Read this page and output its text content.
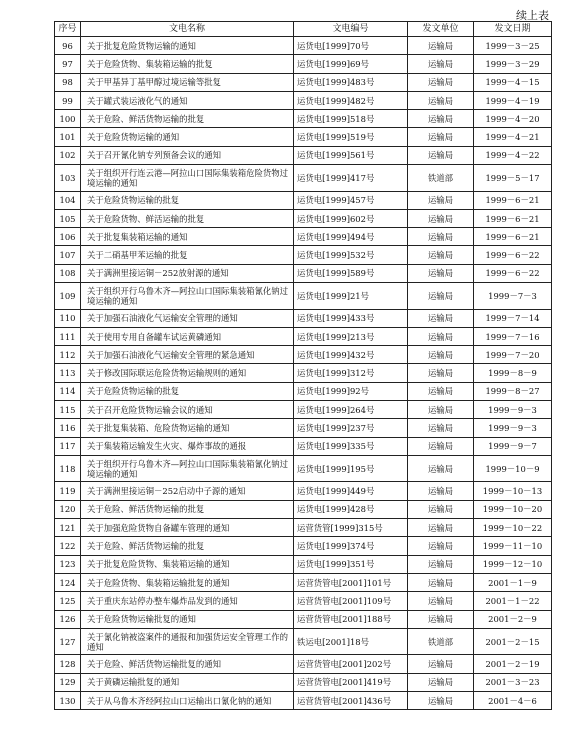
续上表
序号	文电名称	文电编号	发文单位	发文日期
96	关于批复危险货物运输的通知	运货电[1999]70号	运输局	1999－3－25
97	关于危险货物、集装箱运输的批复	运货电[1999]69号	运输局	1999－3－29
98	关于甲基异丁基甲醇过境运输等批复	运货电[1999]483号	运输局	1999－4－15
99	关于罐式装运液化气的通知	运货电[1999]482号	运输局	1999－4－19
100	关于危险、鲜活货物运输的批复	运货电[1999]518号	运输局	1999－4－20
101	关于危险货物运输的通知	运货电[1999]519号	运输局	1999－4－21
102	关于召开氰化钠专列预备会议的通知	运货电[1999]561号	运输局	1999－4－22
103	关于组织开行连云港—阿拉山口国际集装箱危险货物过境运输的通知	运货电[1999]417号	铁道部	1999－5－17
104	关于危险货物运输的批复	运货电[1999]457号	运输局	1999－6－21
105	关于危险货物、鲜活运输的批复	运货电[1999]602号	运输局	1999－6－21
106	关于批复集装箱运输的通知	运货电[1999]494号	运输局	1999－6－21
107	关于二硝基甲苯运输的批复	运货电[1999]532号	运输局	1999－6－22
108	关于满洲里接运铜－252放射源的通知	运货电[1999]589号	运输局	1999－6－22
109	关于组织开行乌鲁木齐—阿拉山口国际集装箱氰化钠过境运输的通知	运货电[1999]21号	运输局	1999－7－3
110	关于加强石油液化气运输安全管理的通知	运货电[1999]433号	运输局	1999－7－14
111	关于使用专用自备罐车试运黄磷通知	运货电[1999]213号	运输局	1999－7－16
112	关于加强石油液化气运输安全管理的紧急通知	运货电[1999]432号	运输局	1999－7－20
113	关于修改国际联运危险货物运输规则的通知	运货电[1999]312号	运输局	1999－8－9
114	关于危险货物运输的批复	运货电[1999]92号	运输局	1999－8－27
115	关于召开危险货物运输会议的通知	运货电[1999]264号	运输局	1999－9－3
116	关于批复集装箱、危险货物运输的通知	运货电[1999]237号	运输局	1999－9－3
117	关于集装箱运输发生火灾、爆炸事故的通报	运货电[1999]335号	运输局	1999－9－7
118	关于组织开行乌鲁木齐—阿拉山口国际集装箱氰化钠过境运输的通知	运货电[1999]195号	运输局	1999－10－9
119	关于满洲里接运铜－252启动中子源的通知	运货电[1999]449号	运输局	1999－10－13
120	关于危险、鲜活货物运输的批复	运货电[1999]428号	运输局	1999－10－20
121	关于加强危险货物自备罐车管理的通知	运营货管[1999]315号	运输局	1999－10－22
122	关于危险、鲜活货物运输的批复	运货电[1999]374号	运输局	1999－11－10
123	关于批复危险货物、集装箱运输的通知	运货电[1999]351号	运输局	1999－12－10
124	关于危险货物、集装箱运输批复的通知	运营货管电[2001]101号	运输局	2001－1－9
125	关于重庆东站停办整车爆炸品发到的通知	运营货管电[2001]109号	运输局	2001－1－22
126	关于危险货物运输批复的通知	运营货管电[2001]188号	运输局	2001－2－9
127	关于氰化钠被盗案件的通报和加强货运安全管理工作的通知	铁运电[2001]18号	铁道部	2001－2－15
128	关于危险、鲜活货物运输批复的通知	运营货管电[2001]202号	运输局	2001－2－19
129	关于黄磷运输批复的通知	运营货管电[2001]419号	运输局	2001－3－23
130	关于从乌鲁木齐经阿拉山口运输出口氰化钠的通知	运营货管电[2001]436号	运输局	2001－4－6
